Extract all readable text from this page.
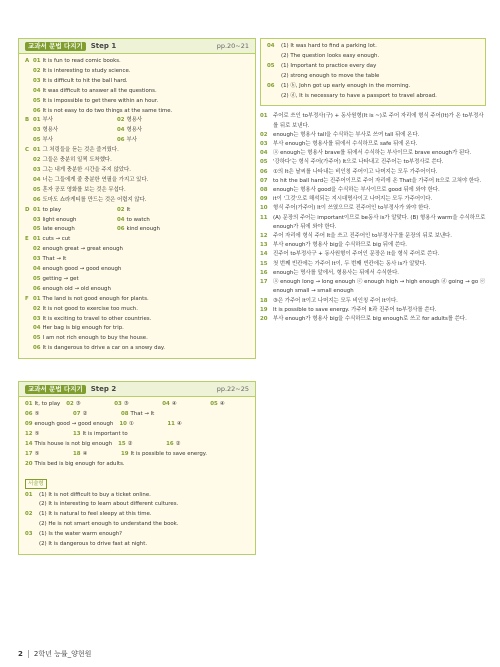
교과서 문법 다지기	Step 1	pp.20~21
A 01 It is fun to read comic books.
02 It is interesting to study science.
03 It is difficult to hit the ball hard.
04 It was difficult to answer all the questions.
05 It is impossible to get there within an hour.
06 It is not easy to do two things at the same time.
B 01 부사	02 형용사
03 형용사	04 형용사
05 부사	06 부사
C 01 그 처링들을 듣는 것은 즐거웠다.
02 그들은 충분히 일찍 도착했다.
03 그는 내게 충분한 시간을 주지 않았다.
04 너는 그들에게 줄 충분한 연필을 가지고 있다.
05 혼자 공포 영화를 보는 것은 무섭다.
06 도마도 쇼라게티를 만드는 것은 어렵지 않다.
D 01 to play	02 It
03 light enough	04 to watch
05 late enough	06 kind enough
E 01 cuts → cut
02 enough great → great enough
03 That → It
04 enough good → good enough
05 getting → get
06 enough old → old enough
F 01 The land is not good enough for plants.
02 It is not good to exercise too much.
03 It is exciting to travel to other countries.
04 Her bag is big enough for trip.
05 I am not rich enough to buy the house.
06 It is dangerous to drive a car on a snowy day.
교과서 문법 다지기	Step 2	pp.22~25
01 It, to play 02 ③	03 ③	04 ④	05 ④
06 ⑤	07 ②	08 That → It
09 enough good → good enough 10 ①	11 ④
12 ⑤	13 It is important to
14 This house is not big enough 15 ②	16 ②
17 ⑤	18 ④	19 It is possible to save energy.
20 This bed is big enough for adults.
서술형
01 (1) It is not difficult to buy a ticket online.
(2) It is interesting to learn about different cultures.
02 (1) It is natural to feel sleepy at this time.
(2) He is not smart enough to understand the book.
03 (1) Is the water warm enough?
(2) It is dangerous to drive fast at night.
04 (1) It was hard to find a parking lot.
(2) The question looks easy enough.
05 (1) Important to practice every day
(2) strong enough to move the table
06 (1) ⓑ, John got up early enough in the morning.
(2) ⓓ, It is necessary to have a passport to travel abroad.
01	주어로 쓰인 to부정사(구) + 동사원형(It is ~)로 주어 자리에 형식 주어(It)가 온 to부정사를 뒤로 보낸다.
02	enough는 형용사 tall을 수식하는 부사로 쓰여 tall 뒤에 온다.
03	부사 enough는 형용사를 뒤에서 수식하므로 safe 뒤에 온다.
04	ⓐ enough는 형용사 brave를 뒤에서 수식하는 부사이므로 brave enough가 된다.
05	'강하다'는 형식 주어(가주어) It으로 나타내고 진주어는 to부정사로 쓴다.
06	①의 It은 날씨를 나타내는 비인칭 주어이고 나머지는 모두 가주어이다.
07	to hit the ball hard는 진주어이므로 주어 자리에 온 That을 가주어 It으로 고쳐야 한다.
08	enough는 형용사 good을 수식하는 부사이므로 good 뒤에 와야 한다.
09	it이 '그것'으로 해석되는 지시대명사이고 나머지는 모두 가주어이다.
10	형식 주어(가주어) It이 쓰였으므로 진주어인 to부정사가 와야 한다.
11	(A) 문장의 주어는 important이므로 be동사 is가 알맞다. (B) 형용사 warm을 수식하므로 enough가 뒤에 와야 한다.
12	주어 자리에 형식 주어 It을 쓰고 진주어인 to부정사구를 문장의 뒤로 보낸다.
13	부사 enough가 형용사 big을 수식하므로 big 뒤에 쓴다.
14	진주어 to부정사구 + 동사원형이 주어인 문장은 It을 형식 주어로 쓴다.
15	첫 번째 빈칸에는 가주어 It이, 두 번째 빈칸에는 동사 is가 알맞다.
16	enough는 명사를 앞에서, 형용사는 뒤에서 수식한다.
17	ⓐ enough long → long enough ⓒ enough high → high enough ⓓ going → go ⓔ enough small → small enough
18	③은 가주어 It이고 나머지는 모두 비인칭 주어 It이다.
19	It is possible to save energy. 가주어 It과 진주어 to부정사를 쓴다.
20	부사 enough가 형용사 big을 수식하므로 big enough로 쓰고 for adults를 쓴다.
2 2학년 능률_양현원
